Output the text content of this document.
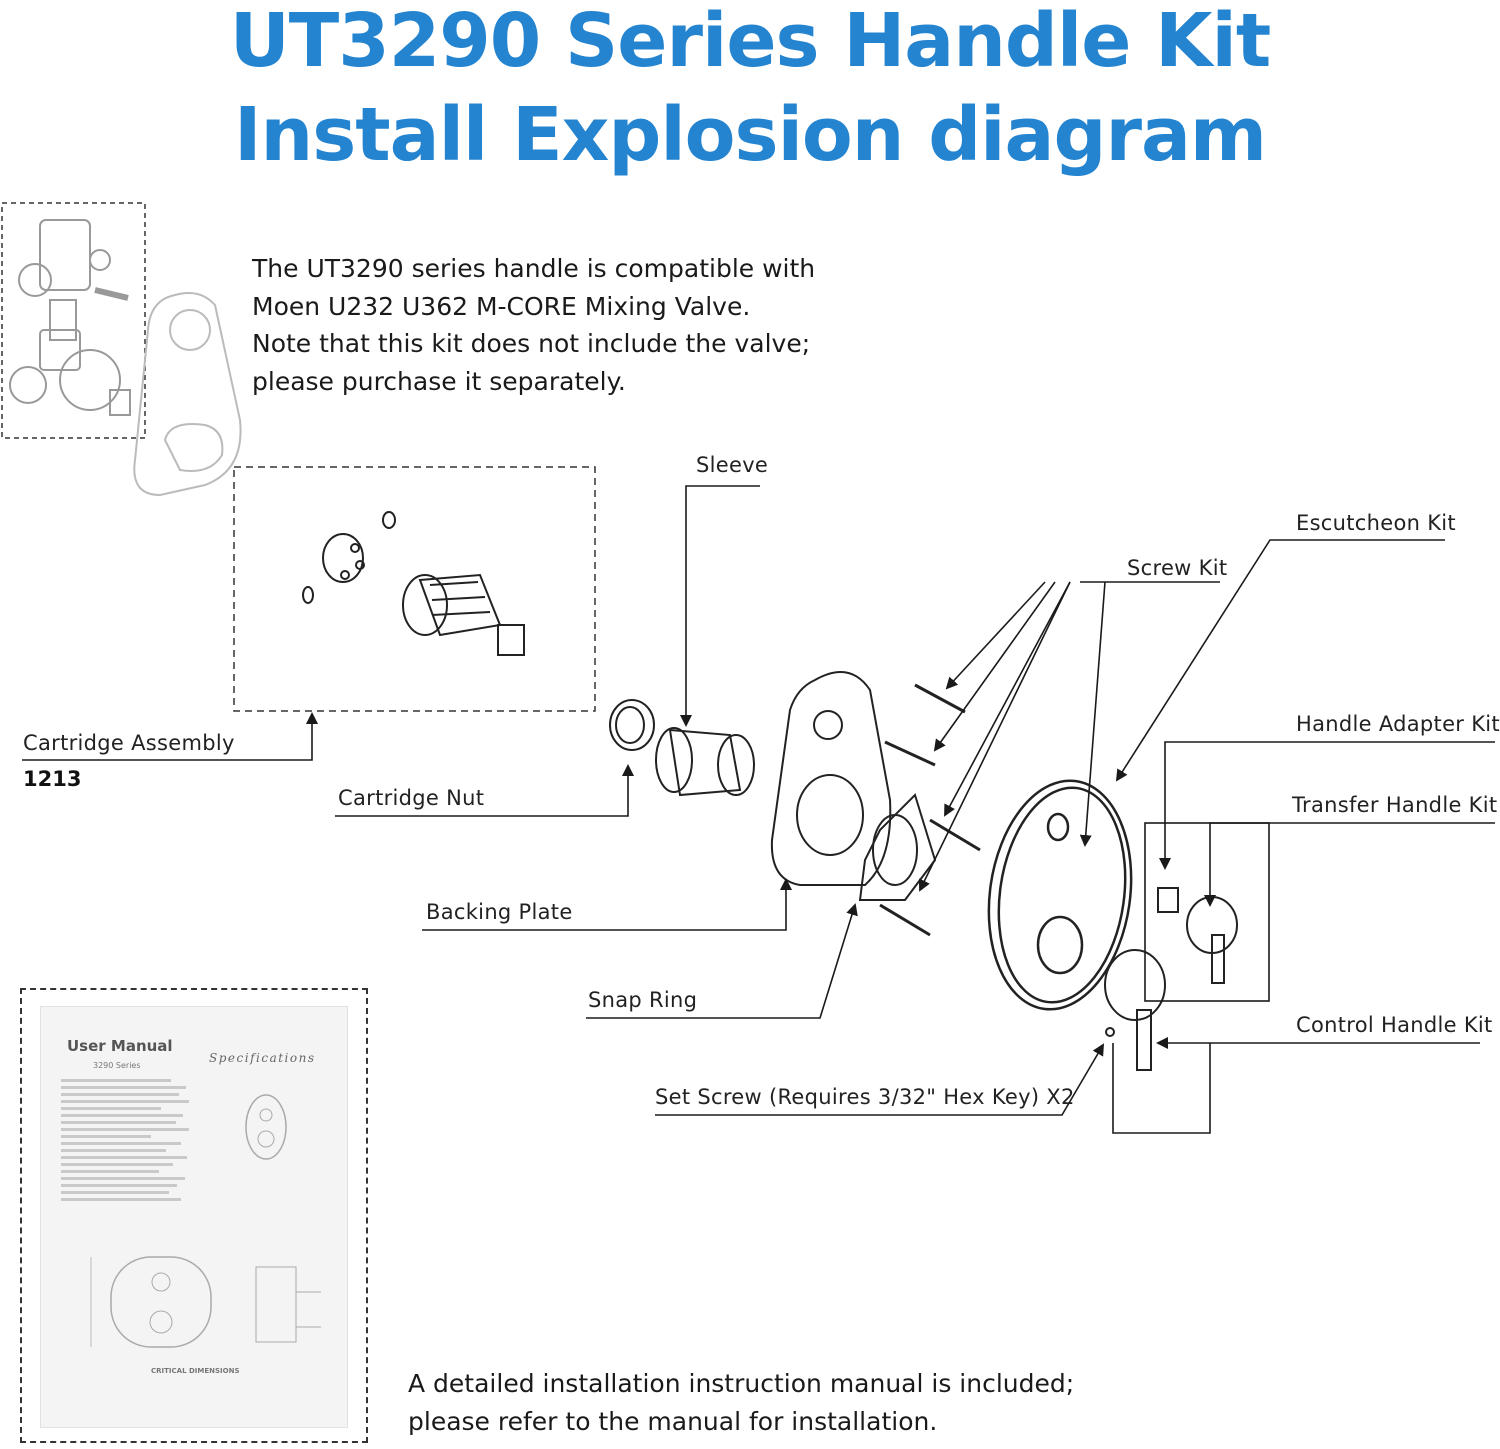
UT3290 Series Handle Kit
Install Explosion diagram
The UT3290 series handle is compatible with
Moen U232 U362 M-CORE Mixing Valve.
Note that this kit does not include the valve;
please purchase it separately.
Sleeve
Escutcheon Kit
Screw Kit
Handle Adapter Kit
Transfer Handle Kit
Control Handle Kit
Cartridge Assembly
1213
Cartridge Nut
Backing Plate
Snap Ring
Set Screw (Requires 3/32" Hex Key) X2
User Manual
3290 Series
Specifications
CRITICAL DIMENSIONS	A detailed installation instruction manual is included;
please refer to the manual for installation.
